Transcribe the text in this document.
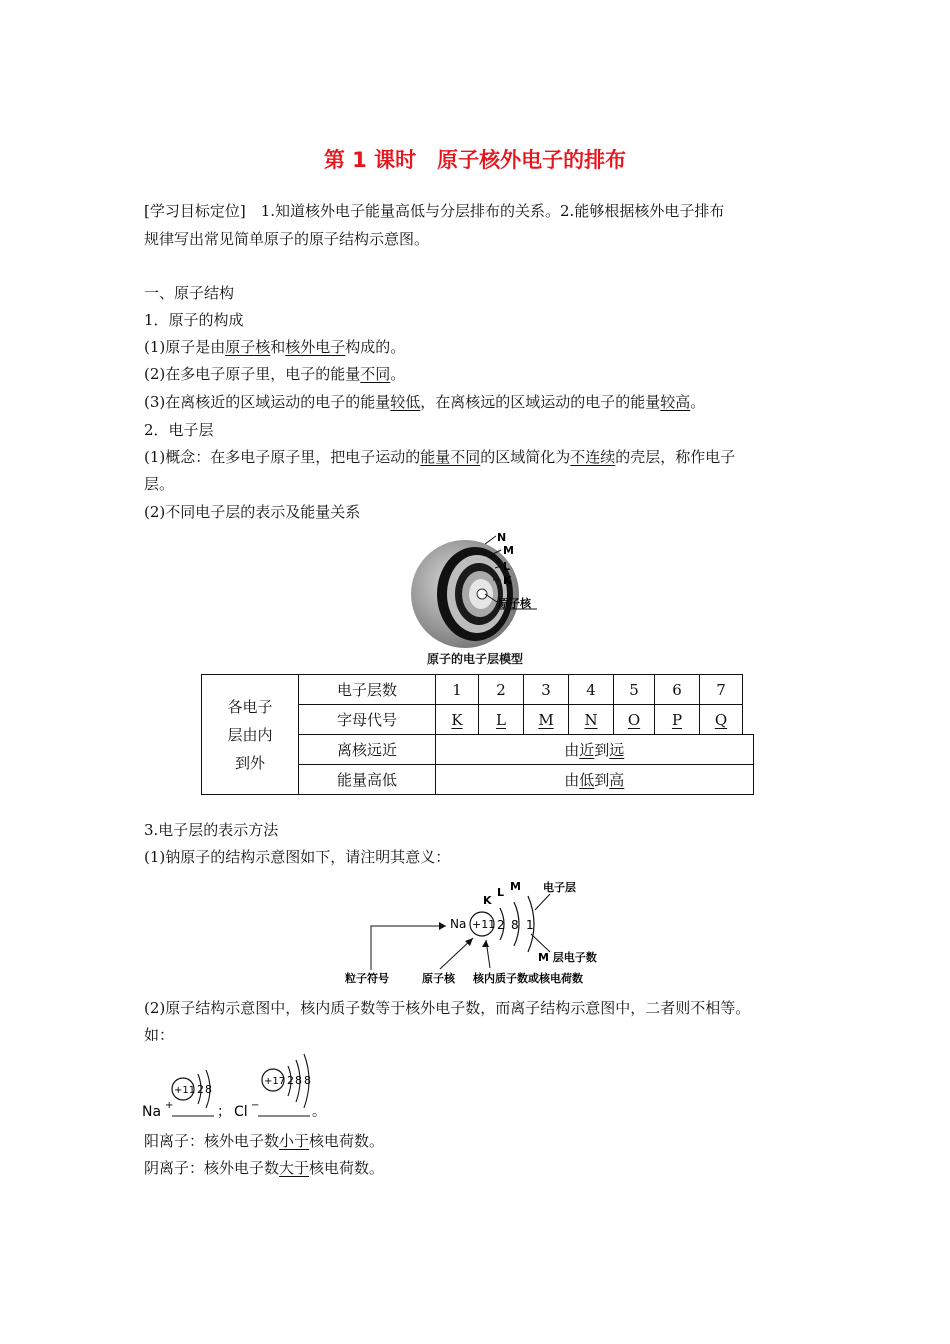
第 1 课时　原子核外电子的排布
[学习目标定位]　1.知道核外电子能量高低与分层排布的关系。2.能够根据核外电子排布
规律写出常见简单原子的原子结构示意图。
一、原子结构
1．原子的构成
(1)原子是由原子核和核外电子构成的。
(2)在多电子原子里，电子的能量不同。
(3)在离核近的区域运动的电子的能量较低，在离核远的区域运动的电子的能量较高。
2．电子层
(1)概念：在多电子原子里，把电子运动的能量不同的区域简化为不连续的壳层，称作电子
层。
(2)不同电子层的表示及能量关系
N
M
L
K
原子核
原子的电子层模型
各电子
层由内
到外	电子层数	1	2	3	4	5	6	7	
	字母代号	K	L	M	N	O	P	Q	
	离核远近	由近到远							
	能量高低	由低到高							
3.电子层的表示方法
(1)钠原子的结构示意图如下，请注明其意义：
Na +11 2 8 1
K
L M 电子层
M 层电子数
粒子符号	原子核 核内质子数或核电荷数
(2)原子结构示意图中，核内质子数等于核外电子数，而离子结构示意图中，二者则不相等。
如：
Na +
+11 2 8
； Cl −
+17 2 8 8
。
阳离子：核外电子数小于核电荷数。
阴离子：核外电子数大于核电荷数。
